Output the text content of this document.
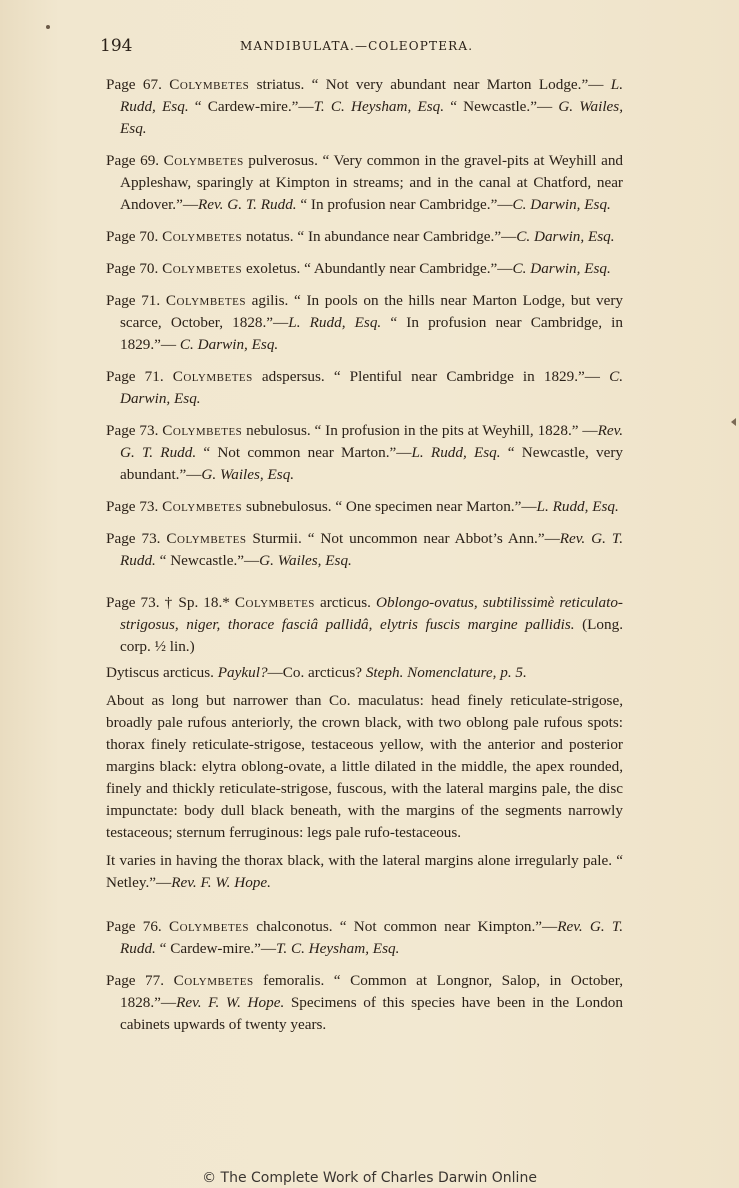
194	MANDIBULATA.—COLEOPTERA.

Page 67. Colymbetes striatus. “ Not very abundant near Marton Lodge.”— L. Rudd, Esq. “ Cardew-mire.”—T. C. Heysham, Esq. “ Newcastle.”— G. Wailes, Esq.

Page 69. Colymbetes pulverosus. “ Very common in the gravel-pits at Weyhill and Appleshaw, sparingly at Kimpton in streams; and in the canal at Chatford, near Andover.”—Rev. G. T. Rudd. “ In profusion near Cambridge.”—C. Darwin, Esq.

Page 70. Colymbetes notatus. “ In abundance near Cambridge.”—C. Darwin, Esq.

Page 70. Colymbetes exoletus. “ Abundantly near Cambridge.”—C. Darwin, Esq.

Page 71. Colymbetes agilis. “ In pools on the hills near Marton Lodge, but very scarce, October, 1828.”—L. Rudd, Esq. “ In profusion near Cambridge, in 1829.”— C. Darwin, Esq.

Page 71. Colymbetes adspersus. “ Plentiful near Cambridge in 1829.”— C. Darwin, Esq.

Page 73. Colymbetes nebulosus. “ In profusion in the pits at Weyhill, 1828.” —Rev. G. T. Rudd. “ Not common near Marton.”—L. Rudd, Esq. “ Newcastle, very abundant.”—G. Wailes, Esq.

Page 73. Colymbetes subnebulosus. “ One specimen near Marton.”—L. Rudd, Esq.

Page 73. Colymbetes Sturmii. “ Not uncommon near Abbot’s Ann.”—Rev. G. T. Rudd. “ Newcastle.”—G. Wailes, Esq.

Page 73. † Sp. 18.* Colymbetes arcticus. Oblongo-ovatus, subtilissimè reticulato-strigosus, niger, thorace fasciâ pallidâ, elytris fuscis margine pallidis. (Long. corp. ½ lin.)

Dytiscus arcticus. Paykul?—Co. arcticus? Steph. Nomenclature, p. 5.

About as long but narrower than Co. maculatus: head finely reticulate-strigose, broadly pale rufous anteriorly, the crown black, with two oblong pale rufous spots: thorax finely reticulate-strigose, testaceous yellow, with the anterior and posterior margins black: elytra oblong-ovate, a little dilated in the middle, the apex rounded, finely and thickly reticulate-strigose, fuscous, with the lateral margins pale, the disc impunctate: body dull black beneath, with the margins of the segments narrowly testaceous; sternum ferruginous: legs pale rufo-testaceous.

It varies in having the thorax black, with the lateral margins alone irregularly pale. “ Netley.”—Rev. F. W. Hope.

Page 76. Colymbetes chalconotus. “ Not common near Kimpton.”—Rev. G. T. Rudd. “ Cardew-mire.”—T. C. Heysham, Esq.

Page 77. Colymbetes femoralis. “ Common at Longnor, Salop, in October, 1828.”—Rev. F. W. Hope. Specimens of this species have been in the London cabinets upwards of twenty years.

© The Complete Work of Charles Darwin Online
